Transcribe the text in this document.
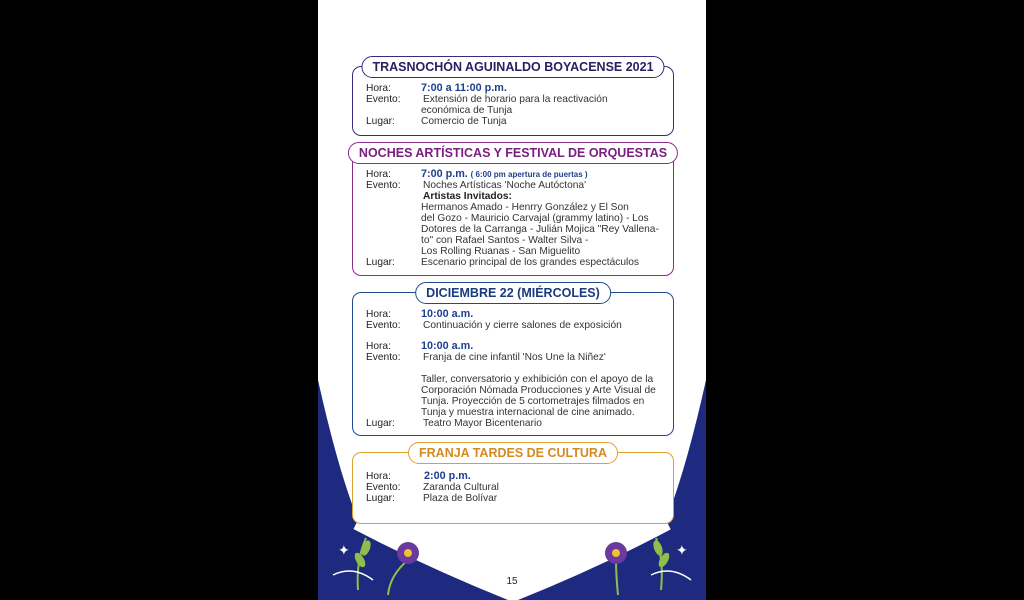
TRASNOCHÓN AGUINALDO BOYACENSE 2021
Hora:	7:00 a 11:00 p.m.
Evento: Extensión de horario para la reactivación
económica de Tunja
Lugar:	Comercio de Tunja
NOCHES ARTÍSTICAS Y FESTIVAL DE ORQUESTAS
Hora:	7:00 p.m. ( 6:00 pm apertura de puertas )
Evento: Noches Artísticas 'Noche Autóctona'
Artistas Invitados:
Hermanos Amado - Henrry González y El Son
del Gozo - Mauricio Carvajal (grammy latino) - Los
Dotores de la Carranga - Julián Mojica "Rey Vallena-
to" con Rafael Santos - Walter Silva -
Los Rolling Ruanas - San Miguelito
Lugar:	Escenario principal de los grandes espectáculos
DICIEMBRE 22 (MIÉRCOLES)
Hora:	10:00 a.m.
Evento: Continuación y cierre salones de exposición
Hora:	10:00 a.m.
Evento: Franja de cine infantil 'Nos Une la Niñez'
Taller, conversatorio y exhibición con el apoyo de la
Corporación Nómada Producciones y Arte Visual de
Tunja. Proyección de 5 cortometrajes filmados en
Tunja y muestra internacional de cine animado.
Lugar:	Teatro Mayor Bicentenario
FRANJA TARDES DE CULTURA
Hora:	2:00 p.m.
Evento: Zaranda Cultural
Lugar:	Plaza de Bolívar
✦	✦	✦
✦
15
